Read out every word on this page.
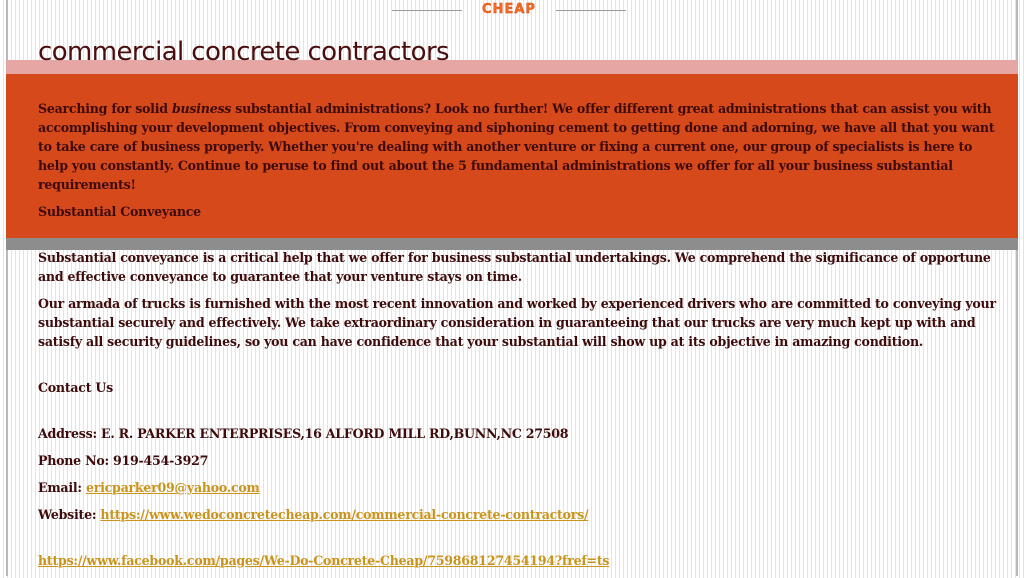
CHEAP
commercial concrete contractors

Searching for solid business substantial administrations? Look no further! We offer different great administrations that can assist you with accomplishing your development objectives. From conveying and siphoning cement to getting done and adorning, we have all that you want to take care of business properly. Whether you're dealing with another venture or fixing a current one, our group of specialists is here to help you constantly. Continue to peruse to find out about the 5 fundamental administrations we offer for all your business substantial requirements!

Substantial Conveyance

Substantial conveyance is a critical help that we offer for business substantial undertakings. We comprehend the significance of opportune and effective conveyance to guarantee that your venture stays on time.

Our armada of trucks is furnished with the most recent innovation and worked by experienced drivers who are committed to conveying your substantial securely and effectively. We take extraordinary consideration in guaranteeing that our trucks are very much kept up with and satisfy all security guidelines, so you can have confidence that your substantial will show up at its objective in amazing condition.

Contact Us

Address: E. R. PARKER ENTERPRISES,16 ALFORD MILL RD,BUNN,NC 27508

Phone No: 919-454-3927

Email: ericparker09@yahoo.com

Website: https://www.wedoconcretecheap.com/commercial-concrete-contractors/

https://www.facebook.com/pages/We-Do-Concrete-Cheap/759868127454194?fref=ts
